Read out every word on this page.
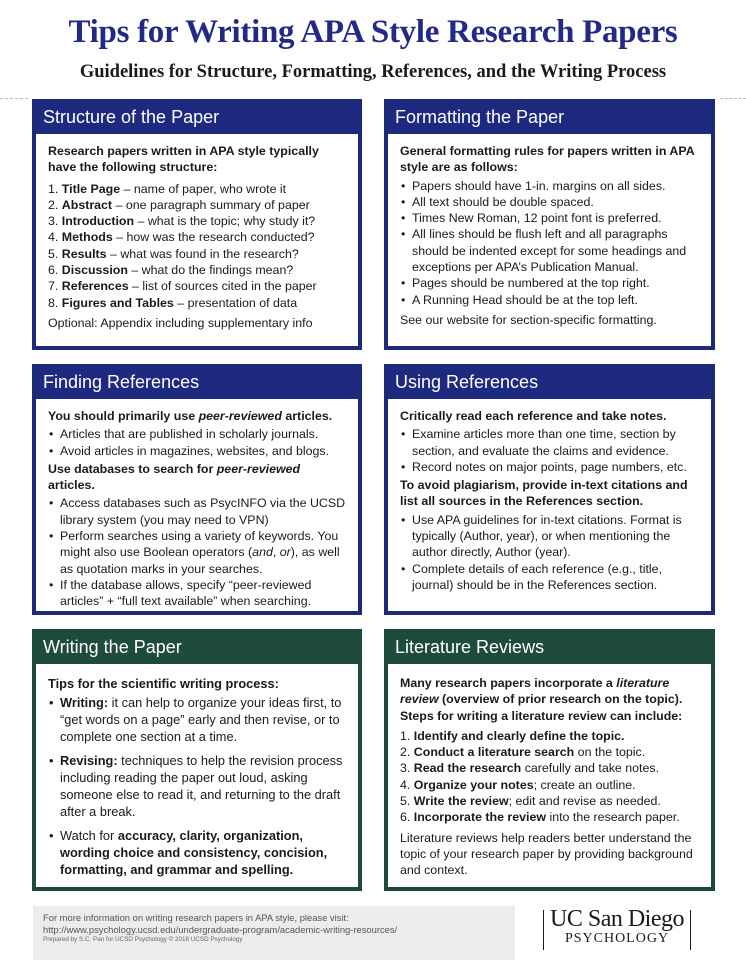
Tips for Writing APA Style Research Papers
Guidelines for Structure, Formatting, References, and the Writing Process
Structure of the Paper
Research papers written in APA style typically have the following structure:
1. Title Page – name of paper, who wrote it
2. Abstract – one paragraph summary of paper
3. Introduction – what is the topic; why study it?
4. Methods – how was the research conducted?
5. Results – what was found in the research?
6. Discussion – what do the findings mean?
7. References – list of sources cited in the paper
8. Figures and Tables – presentation of data
Optional: Appendix including supplementary info
Formatting the Paper
General formatting rules for papers written in APA style are as follows:
• Papers should have 1-in. margins on all sides.
• All text should be double spaced.
• Times New Roman, 12 point font is preferred.
• All lines should be flush left and all paragraphs should be indented except for some headings and exceptions per APA’s Publication Manual.
• Pages should be numbered at the top right.
• A Running Head should be at the top left.
See our website for section-specific formatting.
Finding References
You should primarily use peer-reviewed articles.
• Articles that are published in scholarly journals.
• Avoid articles in magazines, websites, and blogs.
Use databases to search for peer-reviewed articles.
• Access databases such as PsycINFO via the UCSD library system (you may need to VPN)
• Perform searches using a variety of keywords. You might also use Boolean operators (and, or), as well as quotation marks in your searches.
• If the database allows, specify “peer-reviewed articles” + “full text available” when searching.
Using References
Critically read each reference and take notes.
• Examine articles more than one time, section by section, and evaluate the claims and evidence.
• Record notes on major points, page numbers, etc.
To avoid plagiarism, provide in-text citations and list all sources in the References section.
• Use APA guidelines for in-text citations. Format is typically (Author, year), or when mentioning the author directly, Author (year).
• Complete details of each reference (e.g., title, journal) should be in the References section.
Writing the Paper
Tips for the scientific writing process:
• Writing: it can help to organize your ideas first, to “get words on a page” early and then revise, or to complete one section at a time.
• Revising: techniques to help the revision process including reading the paper out loud, asking someone else to read it, and returning to the draft after a break.
• Watch for accuracy, clarity, organization, wording choice and consistency, concision, formatting, and grammar and spelling.
Literature Reviews
Many research papers incorporate a literature review (overview of prior research on the topic). Steps for writing a literature review can include:
1. Identify and clearly define the topic.
2. Conduct a literature search on the topic.
3. Read the research carefully and take notes.
4. Organize your notes; create an outline.
5. Write the review; edit and revise as needed.
6. Incorporate the review into the research paper.
Literature reviews help readers better understand the topic of your research paper by providing background and context.
For more information on writing research papers in APA style, please visit:
http://www.psychology.ucsd.edu/undergraduate-program/academic-writing-resources/
Prepared by S.C. Pan for UCSD Psychology © 2018 UCSD Psychology
UC San Diego
PSYCHOLOGY
